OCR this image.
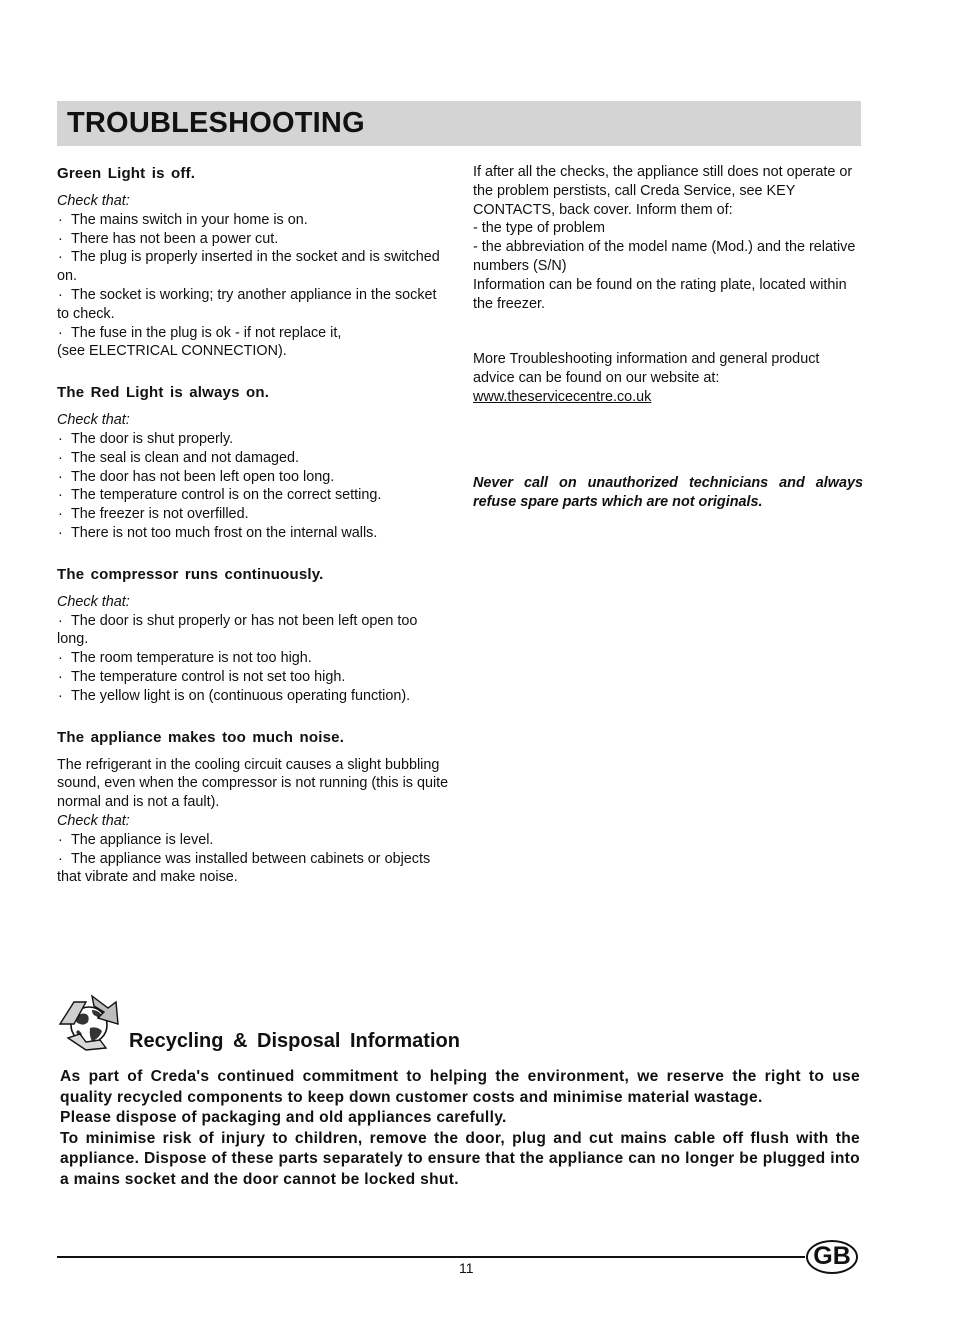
TROUBLESHOOTING
Green Light is off.
Check that:
· The mains switch in your home is on.
· There has not been a power cut.
· The plug is properly inserted in the socket and is switched on.
· The socket is working; try another appliance in the socket to check.
· The fuse in the plug is ok - if not replace it,
(see ELECTRICAL CONNECTION).
The Red Light is always on.
Check that:
· The door is shut properly.
· The seal is clean and not damaged.
· The door has not been left open too long.
· The temperature control is on the correct setting.
· The freezer is not overfilled.
· There is not too much frost on the internal walls.
The compressor runs continuously.
Check that:
· The door is shut properly or has not been left open too long.
· The room temperature is not too high.
· The temperature control is not set too high.
· The yellow light is on (continuous operating function).
The appliance makes too much noise.

The refrigerant in the cooling circuit causes a slight bubbling sound, even when the compressor is not running (this is quite normal and is not a fault).

Check that:
· The appliance is level.
· The appliance was installed between cabinets or objects that vibrate and make noise.

If after all the checks, the appliance still does not operate or the problem perstists, call Creda Service, see KEY CONTACTS, back cover. Inform them of:

- the type of problem
- the abbreviation of the model name (Mod.) and the relative numbers (S/N)
Information can be found on the rating plate, located within the freezer.

More Troubleshooting information and general product advice can be found on our website at:

www.theservicecentre.co.uk

Never call on unauthorized technicians and always refuse spare parts which are not originals.

Recycling & Disposal Information

As part of Creda's continued commitment to helping the environment, we reserve the right to use quality recycled components to keep down customer costs and minimise material wastage.

Please dispose of packaging and old appliances carefully.

To minimise risk of injury to children, remove the door, plug and cut mains cable off flush with the appliance. Dispose of these parts separately to ensure that the appliance can no longer be plugged into a mains socket and the door cannot be locked shut.

11	GB
